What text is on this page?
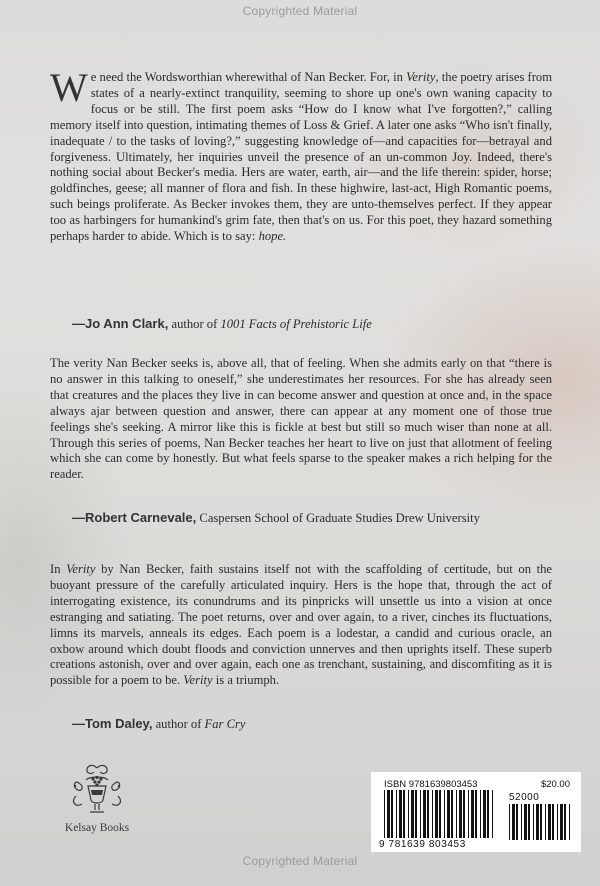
Copyrighted Material

We need the Wordsworthian wherewithal of Nan Becker. For, in Verity, the poetry arises from states of a nearly-extinct tranquility, seeming to shore up one's own waning capacity to focus or be still. The first poem asks “How do I know what I've forgotten?,” calling memory itself into question, intimating themes of Loss & Grief. A later one asks “Who isn't finally, inadequate / to the tasks of loving?,” suggesting knowledge of—and capacities for—betrayal and forgiveness. Ultimately, her inquiries unveil the presence of an un-common Joy. Indeed, there's nothing social about Becker's media. Hers are water, earth, air—and the life therein: spider, horse; goldfinches, geese; all manner of flora and fish. In these highwire, last-act, High Romantic poems, such beings proliferate. As Becker invokes them, they are unto-themselves perfect. If they appear too as harbingers for humankind's grim fate, then that's on us. For this poet, they hazard something perhaps harder to abide. Which is to say: hope.

—Jo Ann Clark, author of 1001 Facts of Prehistoric Life

The verity Nan Becker seeks is, above all, that of feeling. When she admits early on that “there is no answer in this talking to oneself,” she underestimates her resources. For she has already seen that creatures and the places they live in can become answer and question at once and, in the space always ajar between question and answer, there can appear at any moment one of those true feelings she's seeking. A mirror like this is fickle at best but still so much wiser than none at all. Through this series of poems, Nan Becker teaches her heart to live on just that allotment of feeling which she can come by honestly. But what feels sparse to the speaker makes a rich helping for the reader.

—Robert Carnevale, Caspersen School of Graduate Studies Drew University

In Verity by Nan Becker, faith sustains itself not with the scaffolding of certitude, but on the buoyant pressure of the carefully articulated inquiry. Hers is the hope that, through the act of interrogating existence, its conundrums and its pinpricks will unsettle us into a vision at once estranging and satiating. The poet returns, over and over again, to a river, cinches its fluctuations, limns its marvels, anneals its edges. Each poem is a lodestar, a candid and curious oracle, an oxbow around which doubt floods and conviction unnerves and then uprights itself. These superb creations astonish, over and over again, each one as trenchant, sustaining, and discomfiting as it is possible for a poem to be. Verity is a triumph.

—Tom Daley, author of Far Cry

Kelsay Books
ISBN 9781639803453	$20.00
52000
9 781639 803453
Copyrighted Material
